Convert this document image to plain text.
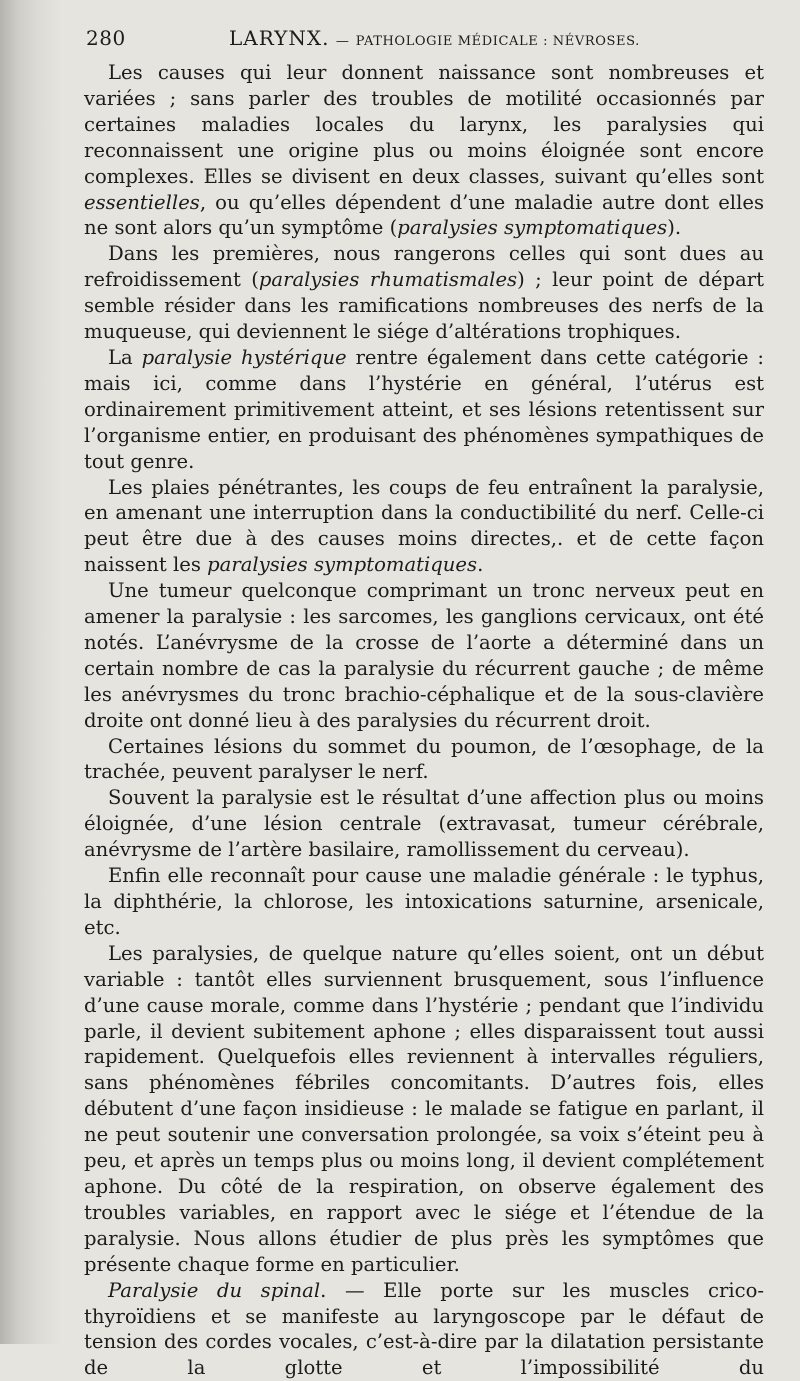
280	LARYNX. — PATHOLOGIE MÉDICALE : NÉVROSES.

Les causes qui leur donnent naissance sont nombreuses et variées ; sans parler des troubles de motilité occasionnés par certaines maladies locales du larynx, les paralysies qui reconnaissent une origine plus ou moins éloignée sont encore complexes. Elles se divisent en deux classes, suivant qu’elles sont essentielles, ou qu’elles dépendent d’une maladie autre dont elles ne sont alors qu’un symptôme (paralysies symptomatiques).

Dans les premières, nous rangerons celles qui sont dues au refroidissement (paralysies rhumatismales) ; leur point de départ semble résider dans les ramifications nombreuses des nerfs de la muqueuse, qui deviennent le siége d’altérations trophiques.

La paralysie hystérique rentre également dans cette catégorie : mais ici, comme dans l’hystérie en général, l’utérus est ordinairement primitivement atteint, et ses lésions retentissent sur l’organisme entier, en produisant des phénomènes sympathiques de tout genre.

Les plaies pénétrantes, les coups de feu entraînent la paralysie, en amenant une interruption dans la conductibilité du nerf. Celle-ci peut être due à des causes moins directes,. et de cette façon naissent les paralysies symptomatiques.

Une tumeur quelconque comprimant un tronc nerveux peut en amener la paralysie : les sarcomes, les ganglions cervicaux, ont été notés. L’anévrysme de la crosse de l’aorte a déterminé dans un certain nombre de cas la paralysie du récurrent gauche ; de même les anévrysmes du tronc brachio-céphalique et de la sous-clavière droite ont donné lieu à des paralysies du récurrent droit.

Certaines lésions du sommet du poumon, de l’œsophage, de la trachée, peuvent paralyser le nerf.

Souvent la paralysie est le résultat d’une affection plus ou moins éloignée, d’une lésion centrale (extravasat, tumeur cérébrale, anévrysme de l’artère basilaire, ramollissement du cerveau).

Enfin elle reconnaît pour cause une maladie générale : le typhus, la diphthérie, la chlorose, les intoxications saturnine, arsenicale, etc.

Les paralysies, de quelque nature qu’elles soient, ont un début variable : tantôt elles surviennent brusquement, sous l’influence d’une cause morale, comme dans l’hystérie ; pendant que l’individu parle, il devient subitement aphone ; elles disparaissent tout aussi rapidement. Quelquefois elles reviennent à intervalles réguliers, sans phénomènes fébriles concomitants. D’autres fois, elles débutent d’une façon insidieuse : le malade se fatigue en parlant, il ne peut soutenir une conversation prolongée, sa voix s’éteint peu à peu, et après un temps plus ou moins long, il devient complétement aphone. Du côté de la respiration, on observe également des troubles variables, en rapport avec le siége et l’étendue de la paralysie. Nous allons étudier de plus près les symptômes que présente chaque forme en particulier.

Paralysie du spinal. — Elle porte sur les muscles crico-thyroïdiens et se manifeste au laryngoscope par le défaut de tension des cordes vocales, c’est-à-dire par la dilatation persistante de la glotte et l’impossibilité du
